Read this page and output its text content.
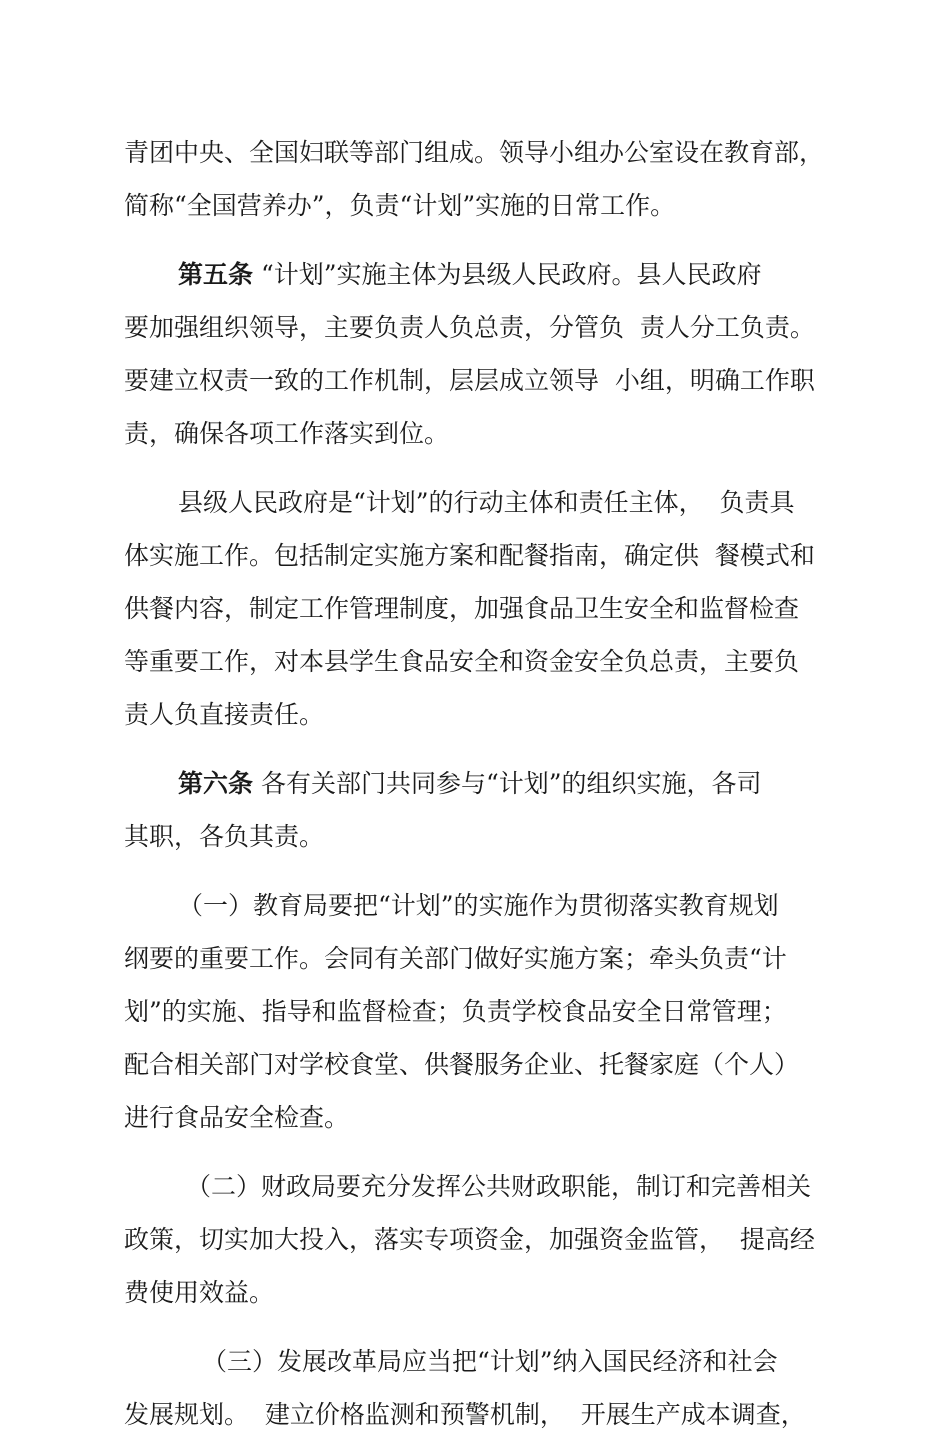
青团中央、全国妇联等部门组成。领导小组办公室设在教育部，
简称“全国营养办”，负责“计划”实施的日常工作。
第五条 “计划”实施主体为县级人民政府。县人民政府
要加强组织领导，主要负责人负总责，分管负  责人分工负责。
要建立权责一致的工作机制，层层成立领导  小组，明确工作职
责，确保各项工作落实到位。
县级人民政府是“计划”的行动主体和责任主体，  负责具
体实施工作。包括制定实施方案和配餐指南，确定供  餐模式和
供餐内容，制定工作管理制度，加强食品卫生安全和监督检查
等重要工作，对本县学生食品安全和资金安全负总责，主要负
责人负直接责任。
第六条 各有关部门共同参与“计划”的组织实施，各司
其职，各负其责。
（一）教育局要把“计划”的实施作为贯彻落实教育规划
纲要的重要工作。会同有关部门做好实施方案；牵头负责“计
划”的实施、指导和监督检查；负责学校食品安全日常管理；
配合相关部门对学校食堂、供餐服务企业、托餐家庭（个人）
进行食品安全检查。
（二）财政局要充分发挥公共财政职能，制订和完善相关
政策，切实加大投入，落实专项资金，加强资金监管，  提高经
费使用效益。
（三）发展改革局应当把“计划”纳入国民经济和社会
发展规划。  建立价格监测和预警机制，  开展生产成本调查，
